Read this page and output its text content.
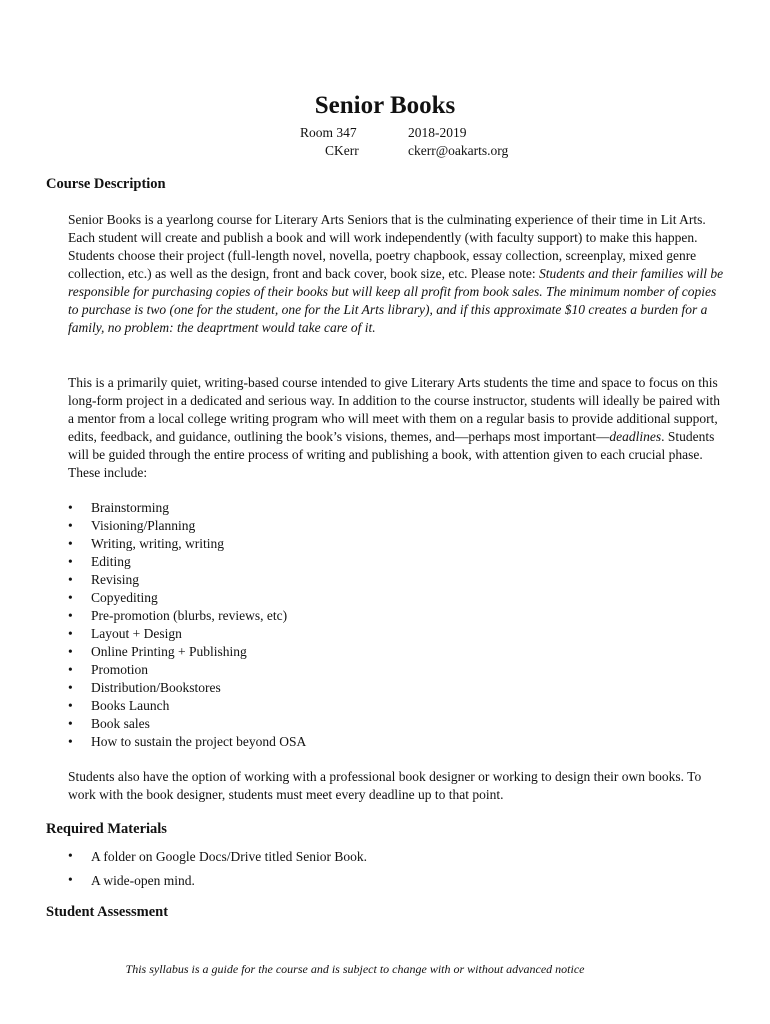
Senior Books
Room 347	2018-2019
CKerr	ckerr@oakarts.org
Course Description

Senior Books is a yearlong course for Literary Arts Seniors that is the culminating experience of their time in Lit Arts. Each student will create and publish a book and will work independently (with faculty support) to make this happen. Students choose their project (full-length novel, novella, poetry chapbook, essay collection, screenplay, mixed genre collection, etc.) as well as the design, front and back cover, book size, etc. Please note: Students and their families will be responsible for purchasing copies of their books but will keep all profit from book sales. The minimum nomber of copies to purchase is two (one for the student, one for the Lit Arts library), and if this approximate $10 creates a burden for a family, no problem: the deaprtment would take care of it.

This is a primarily quiet, writing-based course intended to give Literary Arts students the time and space to focus on this long-form project in a dedicated and serious way. In addition to the course instructor, students will ideally be paired with a mentor from a local college writing program who will meet with them on a regular basis to provide additional support, edits, feedback, and guidance, outlining the book’s visions, themes, and—perhaps most important—deadlines. Students will be guided through the entire process of writing and publishing a book, with attention given to each crucial phase. These include:

• Brainstorming
• Visioning/Planning
• Writing, writing, writing
• Editing
• Revising
• Copyediting
• Pre-promotion (blurbs, reviews, etc)
• Layout + Design
• Online Printing + Publishing
• Promotion
• Distribution/Bookstores
• Books Launch
• Book sales
• How to sustain the project beyond OSA

Students also have the option of working with a professional book designer or working to design their own books. To work with the book designer, students must meet every deadline up to that point.

Required Materials
• A folder on Google Docs/Drive titled Senior Book.
• A wide-open mind.
Student Assessment

This syllabus is a guide for the course and is subject to change with or without advanced notice
